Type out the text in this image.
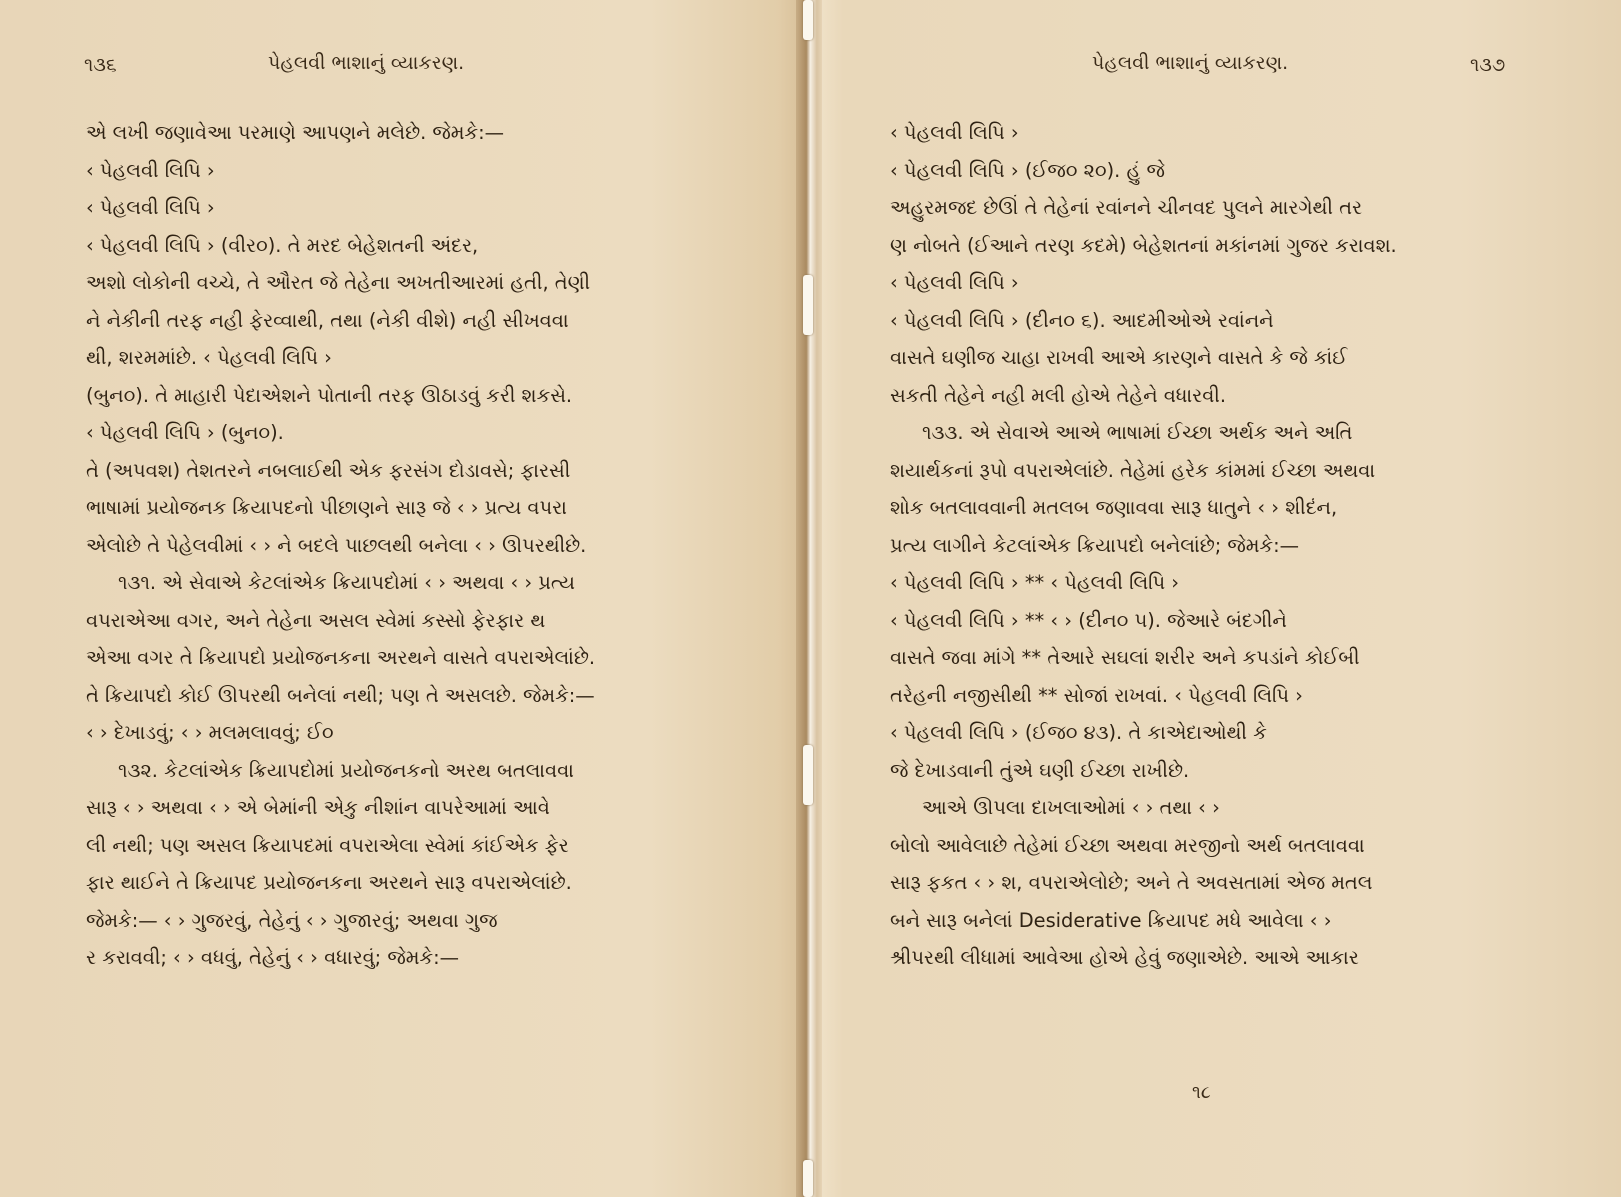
૧૩૬	પેહલવી ભાશાનું વ્યાકરણ.
એ લખી જણાવેઆ પરમાણે આપણને મલેછે. જેમકે:—
‹ પેહલવી લિપિ ›
‹ પેહલવી લિપિ ›
‹ પેહલવી લિપિ › (વીર૦). તે મરદ બેહેશતની અંદર,
અશો લોકોની વચ્ચે, તે ઔરત જે તેહેના અખતીઆરમાં હતી, તેણી
ને નેકીની તરફ નહી ફેરવ્વાથી, તથા (નેકી વીશે) નહી સીખવવા
થી, શરમમાંછે. ‹ પેહલવી લિપિ ›
(બુન૦). તે માહારી પેદાએશને પોતાની તરફ ઊઠાડવું કરી શકસે.
‹ પેહલવી લિપિ › (બુન૦).
તે (અપવશ) તેશતરને નબલાઈથી એક ફરસંગ દોડાવસે; ફારસી
ભાષામાં પ્રયોજનક ક્રિયાપદનો પીછાણને સારૂ જે ‹ › પ્રત્ય વપરા
એલોછે તે પેહેલવીમાં ‹ › ને બદલે પાછલથી બનેલા ‹ › ઊપરથીછે.
૧૩૧. એ સેવાએ કેટલાંએક ક્રિયાપદોમાં ‹ › અથવા ‹ › પ્રત્ય
વપરાએઆ વગર, અને તેહેના અસલ સ્વેમાં કસ્સો ફેરફાર થ
એઆ વગર તે ક્રિયાપદો પ્રયોજનકના અરથને વાસતે વપરાએલાંછે.
તે ક્રિયાપદો કોઈ ઊપરથી બનેલાં નથી; પણ તે અસલછે. જેમકે:—
‹ › દેખાડવું; ‹ › મલમલાવવું; ઈ૦
૧૩૨. કેટલાંએક ક્રિયાપદોમાં પ્રયોજનકનો અરથ બતલાવવા
સારૂ ‹ › અથવા ‹ › એ બેમાંની એકુ નીશાંન વાપરેઆમાં આવે
લી નથી; પણ અસલ ક્રિયાપદમાં વપરાએલા સ્વેમાં કાંઈએક ફેર
ફાર થાઈને તે ક્રિયાપદ પ્રયોજનકના અરથને સારૂ વપરાએલાંછે.
જેમકે:— ‹ › ગુજરવું, તેહેનું ‹ › ગુજારવું; અથવા ગુજ
ર કરાવવી; ‹ › વધવું, તેહેનું ‹ › વધારવું; જેમકે:—
પેહલવી ભાશાનું વ્યાકરણ.	૧૩૭
‹ પેહલવી લિપિ ›
‹ પેહલવી લિપિ › (ઈજ૦ ૨૦). હું જે
અહુરમજદ છેઊં તે તેહેનાં રવાંનને ચીનવદ પુલને મારગેથી તર
ણ નોબતે (ઈઆને તરણ કદમે) બેહેશતનાં મકાંનમાં ગુજર કરાવશ.
‹ પેહલવી લિપિ ›
‹ પેહલવી લિપિ › (દીન૦ ૬). આદમીઓએ રવાંનને
વાસતે ઘણીજ ચાહા રાખવી આએ કારણને વાસતે કે જે કાંઈ
સકતી તેહેને નહી મલી હોએ તેહેને વધારવી.
૧૩૩. એ સેવાએ આએ ભાષામાં ઈચ્છા અર્થક અને અતિ
શયાર્થકનાં રૂપો વપરાએલાંછે. તેહેમાં હરેક કાંમમાં ઈચ્છા અથવા
શોક બતલાવવાની મતલબ જણાવવા સારૂ ધાતુને ‹ › શીદંન,
પ્રત્ય લાગીને કેટલાંએક ક્રિયાપદો બનેલાંછે; જેમકે:—
‹ પેહલવી લિપિ › ** ‹ પેહલવી લિપિ ›
‹ પેહલવી લિપિ › ** ‹ › (દીન૦ ૫). જેઆરે બંદગીને
વાસતે જવા માંગે ** તેઆરે સઘલાં શરીર અને કપડાંને કોઈબી
તરેહની નજીસીથી ** સોજાં રાખવાં. ‹ પેહલવી લિપિ ›
‹ પેહલવી લિપિ › (ઈજ૦ ૪૩). તે કાએદાઓથી કે
જે દેખાડવાની તુંએ ઘણી ઈચ્છા રાખીછે.
આએ ઊપલા દાખલાઓમાં ‹ › તથા ‹ ›
બોલો આવેલાછે તેહેમાં ઈચ્છા અથવા મરજીનો અર્થ બતલાવવા
સારૂ ફકત ‹ › શ, વપરાએલોછે; અને તે અવસતામાં એજ મતલ
બને સારૂ બનેલાં Desiderative ક્રિયાપદ મધે આવેલા ‹ ›
શ્રીપરથી લીધામાં આવેઆ હોએ હેવું જણાએછે. આએ આકાર
૧૮
